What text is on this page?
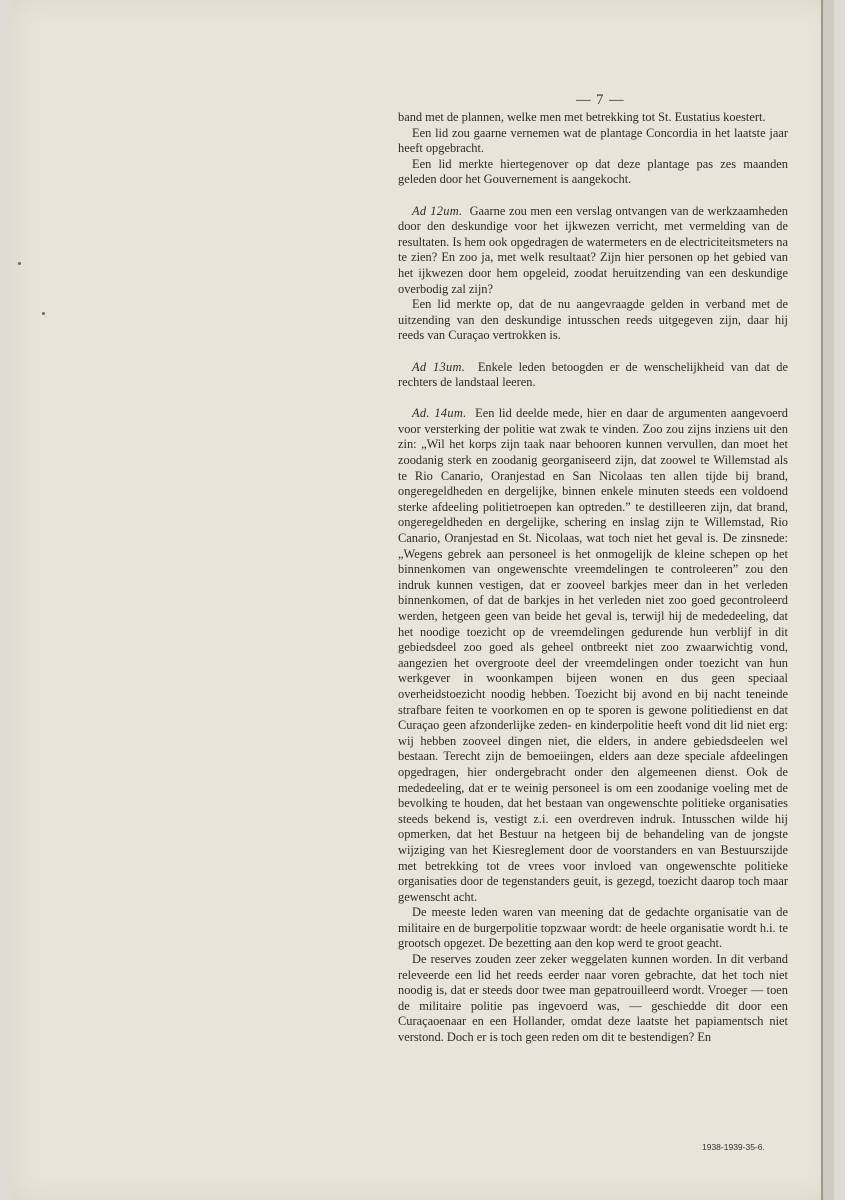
— 7 —

band met de plannen, welke men met betrekking tot St. Eustatius koestert.

Een lid zou gaarne vernemen wat de plantage Concordia in het laatste jaar heeft opgebracht.

Een lid merkte hiertegenover op dat deze plantage pas zes maanden geleden door het Gouvernement is aangekocht.

Ad 12um. Gaarne zou men een verslag ontvangen van de werkzaamheden door den deskundige voor het ijkwezen verricht, met vermelding van de resultaten. Is hem ook opgedragen de watermeters en de electriciteitsmeters na te zien? En zoo ja, met welk resultaat? Zijn hier personen op het gebied van het ijkwezen door hem opgeleid, zoodat heruitzending van een deskundige overbodig zal zijn?

Een lid merkte op, dat de nu aangevraagde gelden in verband met de uitzending van den deskundige intusschen reeds uitgegeven zijn, daar hij reeds van Curaçao vertrokken is.

Ad 13um. Enkele leden betoogden er de wenschelijkheid van dat de rechters de landstaal leeren.

Ad. 14um. Een lid deelde mede, hier en daar de argumenten aangevoerd voor versterking der politie wat zwak te vinden. Zoo zou zijns inziens uit den zin: „Wil het korps zijn taak naar behooren kunnen vervullen, dan moet het zoodanig sterk en zoodanig georganiseerd zijn, dat zoowel te Willemstad als te Rio Canario, Oranjestad en San Nicolaas ten allen tijde bij brand, ongeregeldheden en dergelijke, binnen enkele minuten steeds een voldoend sterke afdeeling politietroepen kan optreden.” te destilleeren zijn, dat brand, ongeregeldheden en dergelijke, schering en inslag zijn te Willemstad, Rio Canario, Oranjestad en St. Nicolaas, wat toch niet het geval is. De zinsnede: „Wegens gebrek aan personeel is het onmogelijk de kleine schepen op het binnenkomen van ongewenschte vreemdelingen te controleeren” zou den indruk kunnen vestigen, dat er zooveel barkjes meer dan in het verleden binnenkomen, of dat de barkjes in het verleden niet zoo goed gecontroleerd werden, hetgeen geen van beide het geval is, terwijl hij de mededeeling, dat het noodige toezicht op de vreemdelingen gedurende hun verblijf in dit gebiedsdeel zoo goed als geheel ontbreekt niet zoo zwaarwichtig vond, aangezien het overgroote deel der vreemdelingen onder toezicht van hun werkgever in woonkampen bijeen wonen en dus geen speciaal overheidstoezicht noodig hebben. Toezicht bij avond en bij nacht teneinde strafbare feiten te voorkomen en op te sporen is gewone politiedienst en dat Curaçao geen afzonderlijke zeden- en kinderpolitie heeft vond dit lid niet erg: wij hebben zooveel dingen niet, die elders, in andere gebiedsdeelen wel bestaan. Terecht zijn de bemoeiingen, elders aan deze speciale afdeelingen opgedragen, hier ondergebracht onder den algemeenen dienst. Ook de mededeeling, dat er te weinig personeel is om een zoodanige voeling met de bevolking te houden, dat het bestaan van ongewenschte politieke organisaties steeds bekend is, vestigt z.i. een overdreven indruk. Intusschen wilde hij opmerken, dat het Bestuur na hetgeen bij de behandeling van de jongste wijziging van het Kiesreglement door de voorstanders en van Bestuurszijde met betrekking tot de vrees voor invloed van ongewenschte politieke organisaties door de tegenstanders geuit, is gezegd, toezicht daarop toch maar gewenscht acht.

De meeste leden waren van meening dat de gedachte organisatie van de militaire en de burgerpolitie topzwaar wordt: de heele organisatie wordt h.i. te grootsch opgezet. De bezetting aan den kop werd te groot geacht.

De reserves zouden zeer zeker weggelaten kunnen worden. In dit verband releveerde een lid het reeds eerder naar voren gebrachte, dat het toch niet noodig is, dat er steeds door twee man gepatrouilleerd wordt. Vroeger — toen de militaire politie pas ingevoerd was, — geschiedde dit door een Curaçaoenaar en een Hollander, omdat deze laatste het papiamentsch niet verstond. Doch er is toch geen reden om dit te bestendigen? En

1938-1939-35-6.
